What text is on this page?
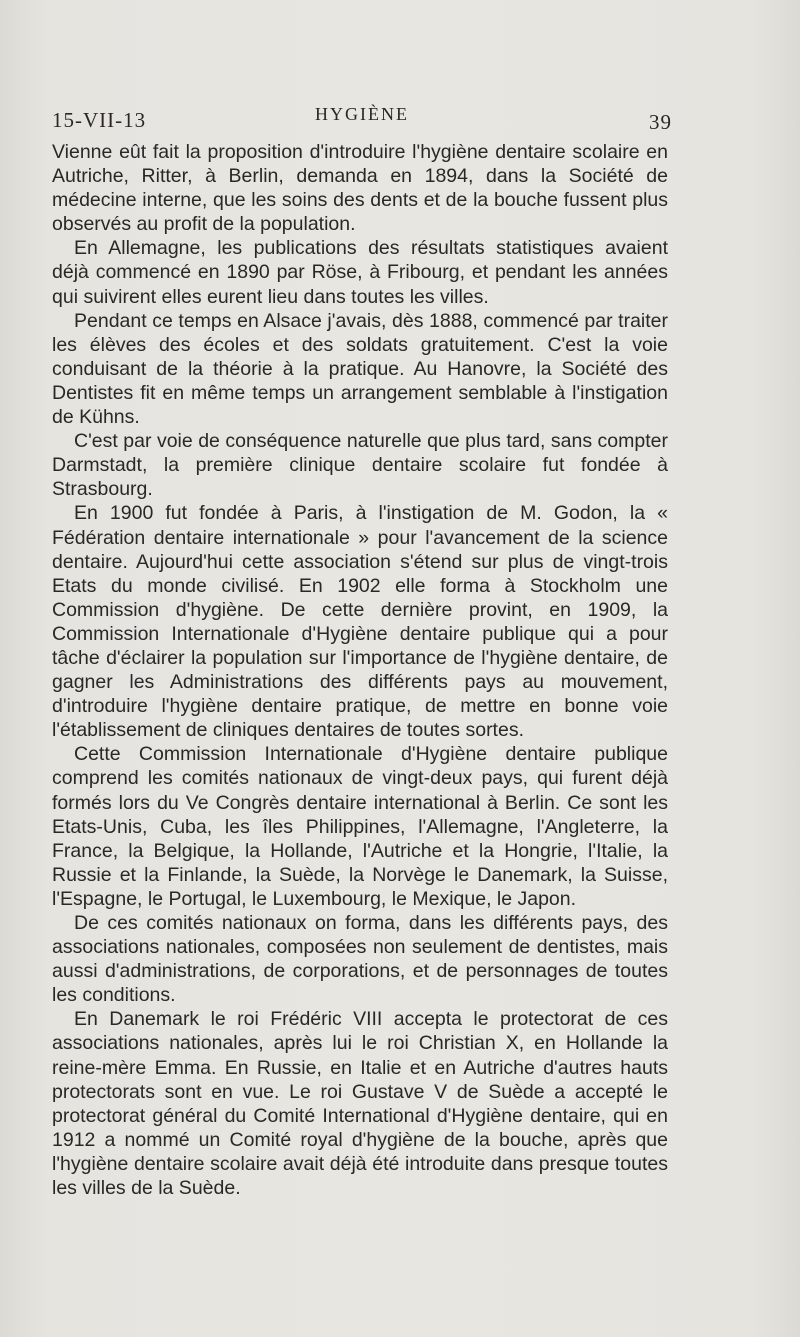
15-VII-13	HYGIÈNE	39

Vienne eût fait la proposition d'introduire l'hygiène dentaire scolaire en Autriche, Ritter, à Berlin, demanda en 1894, dans la Société de médecine interne, que les soins des dents et de la bouche fussent plus observés au profit de la population.

En Allemagne, les publications des résultats statistiques avaient déjà commencé en 1890 par Röse, à Fribourg, et pendant les années qui suivirent elles eurent lieu dans toutes les villes.

Pendant ce temps en Alsace j'avais, dès 1888, commencé par traiter les élèves des écoles et des soldats gratuitement. C'est la voie conduisant de la théorie à la pratique. Au Hanovre, la Société des Dentistes fit en même temps un arrangement semblable à l'instigation de Kühns.

C'est par voie de conséquence naturelle que plus tard, sans compter Darmstadt, la première clinique dentaire scolaire fut fondée à Strasbourg.

En 1900 fut fondée à Paris, à l'instigation de M. Godon, la « Fédération dentaire internationale » pour l'avancement de la science dentaire. Aujourd'hui cette association s'étend sur plus de vingt-trois Etats du monde civilisé. En 1902 elle forma à Stockholm une Commission d'hygiène. De cette dernière provint, en 1909, la Commission Internationale d'Hygiène dentaire publique qui a pour tâche d'éclairer la population sur l'importance de l'hygiène dentaire, de gagner les Administrations des différents pays au mouvement, d'introduire l'hygiène dentaire pratique, de mettre en bonne voie l'établissement de cliniques dentaires de toutes sortes.

Cette Commission Internationale d'Hygiène dentaire publique comprend les comités nationaux de vingt-deux pays, qui furent déjà formés lors du Ve Congrès dentaire international à Berlin. Ce sont les Etats-Unis, Cuba, les îles Philippines, l'Allemagne, l'Angleterre, la France, la Belgique, la Hollande, l'Autriche et la Hongrie, l'Italie, la Russie et la Finlande, la Suède, la Norvège le Danemark, la Suisse, l'Espagne, le Portugal, le Luxembourg, le Mexique, le Japon.

De ces comités nationaux on forma, dans les différents pays, des associations nationales, composées non seulement de dentistes, mais aussi d'administrations, de corporations, et de personnages de toutes les conditions.

En Danemark le roi Frédéric VIII accepta le protectorat de ces associations nationales, après lui le roi Christian X, en Hollande la reine-mère Emma. En Russie, en Italie et en Autriche d'autres hauts protectorats sont en vue. Le roi Gustave V de Suède a accepté le protectorat général du Comité International d'Hygiène dentaire, qui en 1912 a nommé un Comité royal d'hygiène de la bouche, après que l'hygiène dentaire scolaire avait déjà été introduite dans presque toutes les villes de la Suède.
